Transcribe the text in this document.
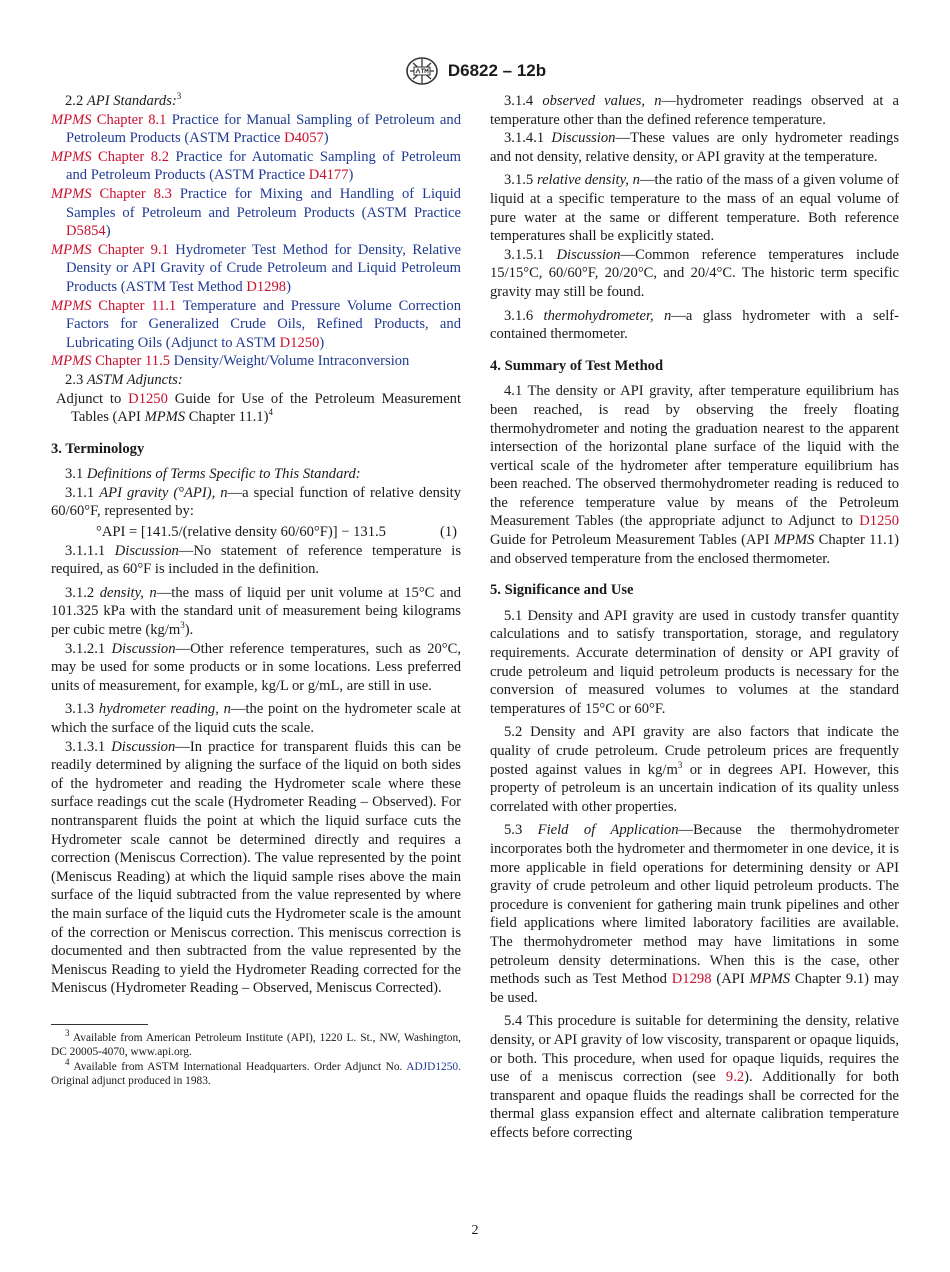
D6822 – 12b

2.2 API Standards:$^3$

MPMS Chapter 8.1 Practice for Manual Sampling of Petroleum and Petroleum Products (ASTM Practice D4057)

MPMS Chapter 8.2 Practice for Automatic Sampling of Petroleum and Petroleum Products (ASTM Practice D4177)

MPMS Chapter 8.3 Practice for Mixing and Handling of Liquid Samples of Petroleum and Petroleum Products (ASTM Practice D5854)

MPMS Chapter 9.1 Hydrometer Test Method for Density, Relative Density or API Gravity of Crude Petroleum and Liquid Petroleum Products (ASTM Test Method D1298)

MPMS Chapter 11.1 Temperature and Pressure Volume Correction Factors for Generalized Crude Oils, Refined Products, and Lubricating Oils (Adjunct to ASTM D1250)

MPMS Chapter 11.5 Density/Weight/Volume Intraconversion

2.3 ASTM Adjuncts:

Adjunct to D1250 Guide for Use of the Petroleum Measurement Tables (API MPMS Chapter 11.1)$^4$

3. Terminology

3.1 Definitions of Terms Specific to This Standard:

3.1.1 API gravity (°API), n—a special function of relative density 60/60°F, represented by:

°API = [141.5/(relative density 60/60°F)] − 131.5	(1)

3.1.1.1 Discussion—No statement of reference temperature is required, as 60°F is included in the definition.

3.1.2 density, n—the mass of liquid per unit volume at 15°C and 101.325 kPa with the standard unit of measurement being kilograms per cubic metre $(kg/m^3)$.

3.1.2.1 Discussion—Other reference temperatures, such as 20°C, may be used for some products or in some locations. Less preferred units of measurement, for example, kg/L or g/mL, are still in use.

3.1.3 hydrometer reading, n—the point on the hydrometer scale at which the surface of the liquid cuts the scale.

3.1.3.1 Discussion—In practice for transparent fluids this can be readily determined by aligning the surface of the liquid on both sides of the hydrometer and reading the Hydrometer scale where these surface readings cut the scale (Hydrometer Reading – Observed). For nontransparent fluids the point at which the liquid surface cuts the Hydrometer scale cannot be determined directly and requires a correction (Meniscus Correction). The value represented by the point (Meniscus Reading) at which the liquid sample rises above the main surface of the liquid subtracted from the value represented by where the main surface of the liquid cuts the Hydrometer scale is the amount of the correction or Meniscus correction. This meniscus correction is documented and then subtracted from the value represented by the Meniscus Reading to yield the Hydrometer Reading corrected for the Meniscus (Hydrometer Reading – Observed, Meniscus Corrected).

$^3$ Available from American Petroleum Institute (API), 1220 L. St., NW, Washington, DC 20005-4070, www.api.org.

$^4$ Available from ASTM International Headquarters. Order Adjunct No. ADJD1250. Original adjunct produced in 1983.

3.1.4 observed values, n—hydrometer readings observed at a temperature other than the defined reference temperature.

3.1.4.1 Discussion—These values are only hydrometer readings and not density, relative density, or API gravity at the temperature.

3.1.5 relative density, n—the ratio of the mass of a given volume of liquid at a specific temperature to the mass of an equal volume of pure water at the same or different temperature. Both reference temperatures shall be explicitly stated.

3.1.5.1 Discussion—Common reference temperatures include 15/15°C, 60/60°F, 20/20°C, and 20/4°C. The historic term specific gravity may still be found.

3.1.6 thermohydrometer, n—a glass hydrometer with a self-contained thermometer.

4. Summary of Test Method

4.1 The density or API gravity, after temperature equilibrium has been reached, is read by observing the freely floating thermohydrometer and noting the graduation nearest to the apparent intersection of the horizontal plane surface of the liquid with the vertical scale of the hydrometer after temperature equilibrium has been reached. The observed thermohydrometer reading is reduced to the reference temperature value by means of the Petroleum Measurement Tables (the appropriate adjunct to Adjunct to D1250 Guide for Petroleum Measurement Tables (API MPMS Chapter 11.1) and observed temperature from the enclosed thermometer.

5. Significance and Use

5.1 Density and API gravity are used in custody transfer quantity calculations and to satisfy transportation, storage, and regulatory requirements. Accurate determination of density or API gravity of crude petroleum and liquid petroleum products is necessary for the conversion of measured volumes to volumes at the standard temperatures of 15°C or 60°F.

5.2 Density and API gravity are also factors that indicate the quality of crude petroleum. Crude petroleum prices are frequently posted against values in $kg/m^3$ or in degrees API. However, this property of petroleum is an uncertain indication of its quality unless correlated with other properties.

5.3 Field of Application—Because the thermohydrometer incorporates both the hydrometer and thermometer in one device, it is more applicable in field operations for determining density or API gravity of crude petroleum and other liquid petroleum products. The procedure is convenient for gathering main trunk pipelines and other field applications where limited laboratory facilities are available. The thermohydrometer method may have limitations in some petroleum density determinations. When this is the case, other methods such as Test Method D1298 (API MPMS Chapter 9.1) may be used.

5.4 This procedure is suitable for determining the density, relative density, or API gravity of low viscosity, transparent or opaque liquids, or both. This procedure, when used for opaque liquids, requires the use of a meniscus correction (see 9.2). Additionally for both transparent and opaque fluids the readings shall be corrected for the thermal glass expansion effect and alternate calibration temperature effects before correcting

2
